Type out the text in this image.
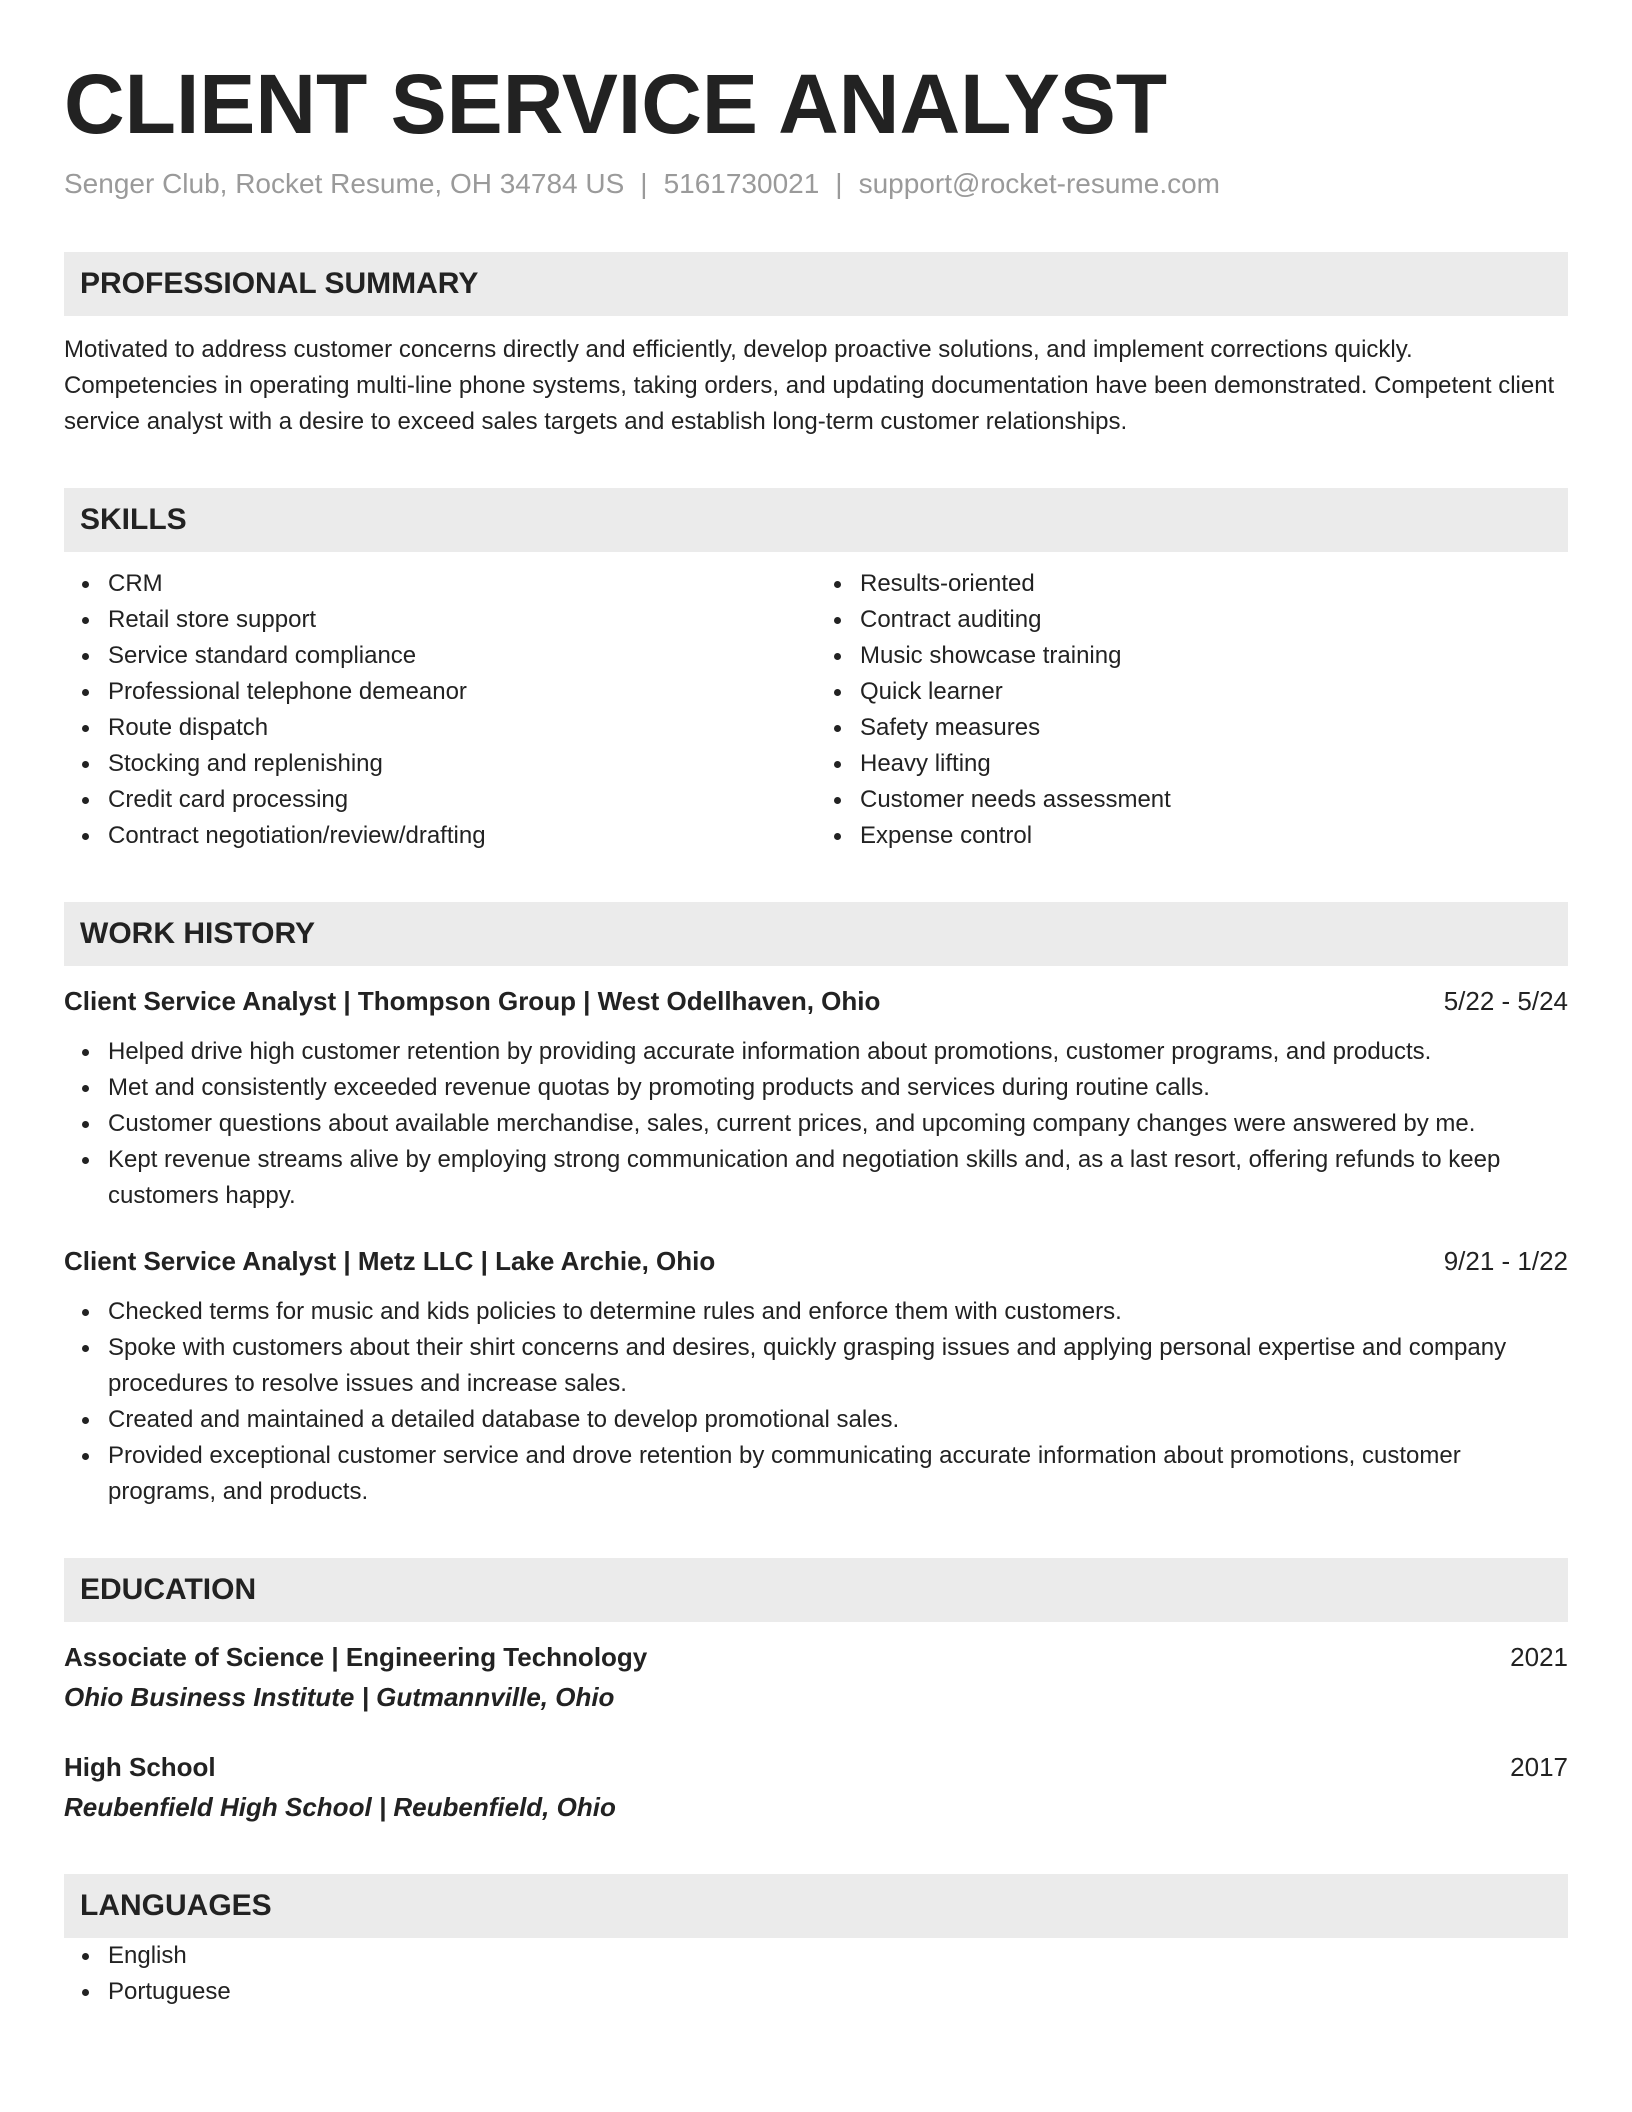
CLIENT SERVICE ANALYST
Senger Club, Rocket Resume, OH 34784 US | 5161730021 | support@rocket-resume.com
PROFESSIONAL SUMMARY
Motivated to address customer concerns directly and efficiently, develop proactive solutions, and implement corrections quickly. Competencies in operating multi-line phone systems, taking orders, and updating documentation have been demonstrated. Competent client service analyst with a desire to exceed sales targets and establish long-term customer relationships.
SKILLS
CRM
Retail store support
Service standard compliance
Professional telephone demeanor
Route dispatch
Stocking and replenishing
Credit card processing
Contract negotiation/review/drafting
Results-oriented
Contract auditing
Music showcase training
Quick learner
Safety measures
Heavy lifting
Customer needs assessment
Expense control
WORK HISTORY
Client Service Analyst | Thompson Group | West Odellhaven, Ohio	5/22 - 5/24
Helped drive high customer retention by providing accurate information about promotions, customer programs, and products.
Met and consistently exceeded revenue quotas by promoting products and services during routine calls.
Customer questions about available merchandise, sales, current prices, and upcoming company changes were answered by me.
Kept revenue streams alive by employing strong communication and negotiation skills and, as a last resort, offering refunds to keep customers happy.
Client Service Analyst | Metz LLC | Lake Archie, Ohio	9/21 - 1/22
Checked terms for music and kids policies to determine rules and enforce them with customers.
Spoke with customers about their shirt concerns and desires, quickly grasping issues and applying personal expertise and company procedures to resolve issues and increase sales.
Created and maintained a detailed database to develop promotional sales.
Provided exceptional customer service and drove retention by communicating accurate information about promotions, customer programs, and products.
EDUCATION
Associate of Science | Engineering Technology	2021
Ohio Business Institute | Gutmannville, Ohio
High School	2017
Reubenfield High School | Reubenfield, Ohio
LANGUAGES
English
Portuguese
